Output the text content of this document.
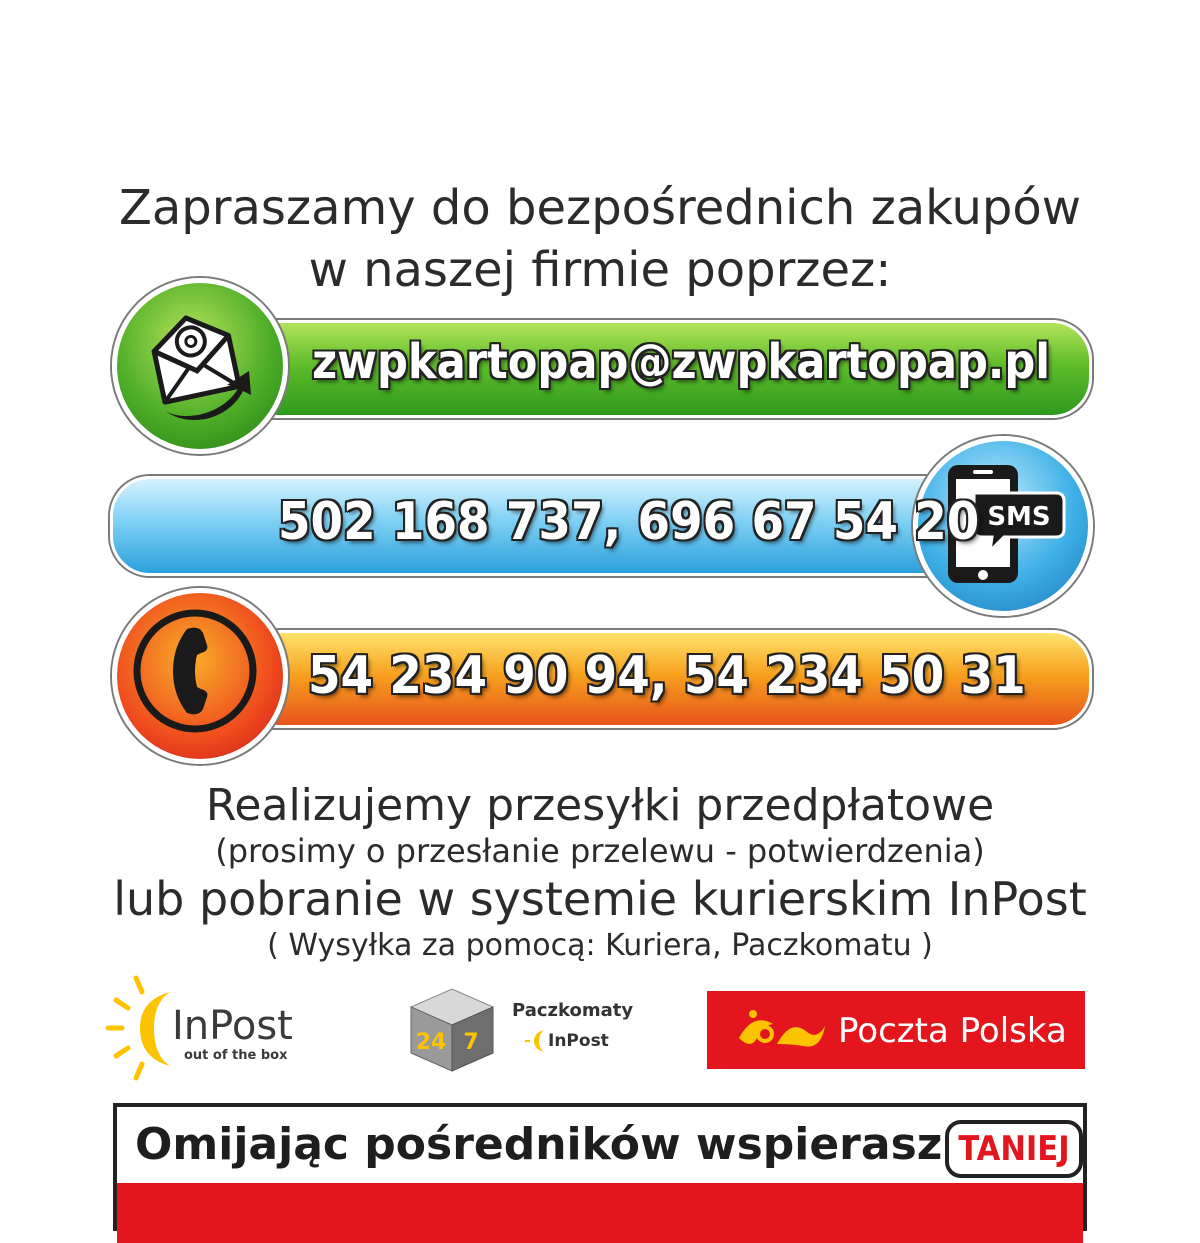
Zapraszamy do bezpośrednich zakupów
w naszej firmie poprzez:
zwpkartopap@zwpkartopap.pl
SMS
502 168 737, 696 67 54 20
54 234 90 94, 54 234 50 31
Realizujemy przesyłki przedpłatowe
(prosimy o przesłanie przelewu - potwierdzenia)
lub pobranie w systemie kurierskim InPost
( Wysyłka za pomocą: Kuriera, Paczkomatu )
InPost
out of the box
24 7
Paczkomaty
InPost	Poczta Polska
Omijając pośredników wspierasz TANIEJ
